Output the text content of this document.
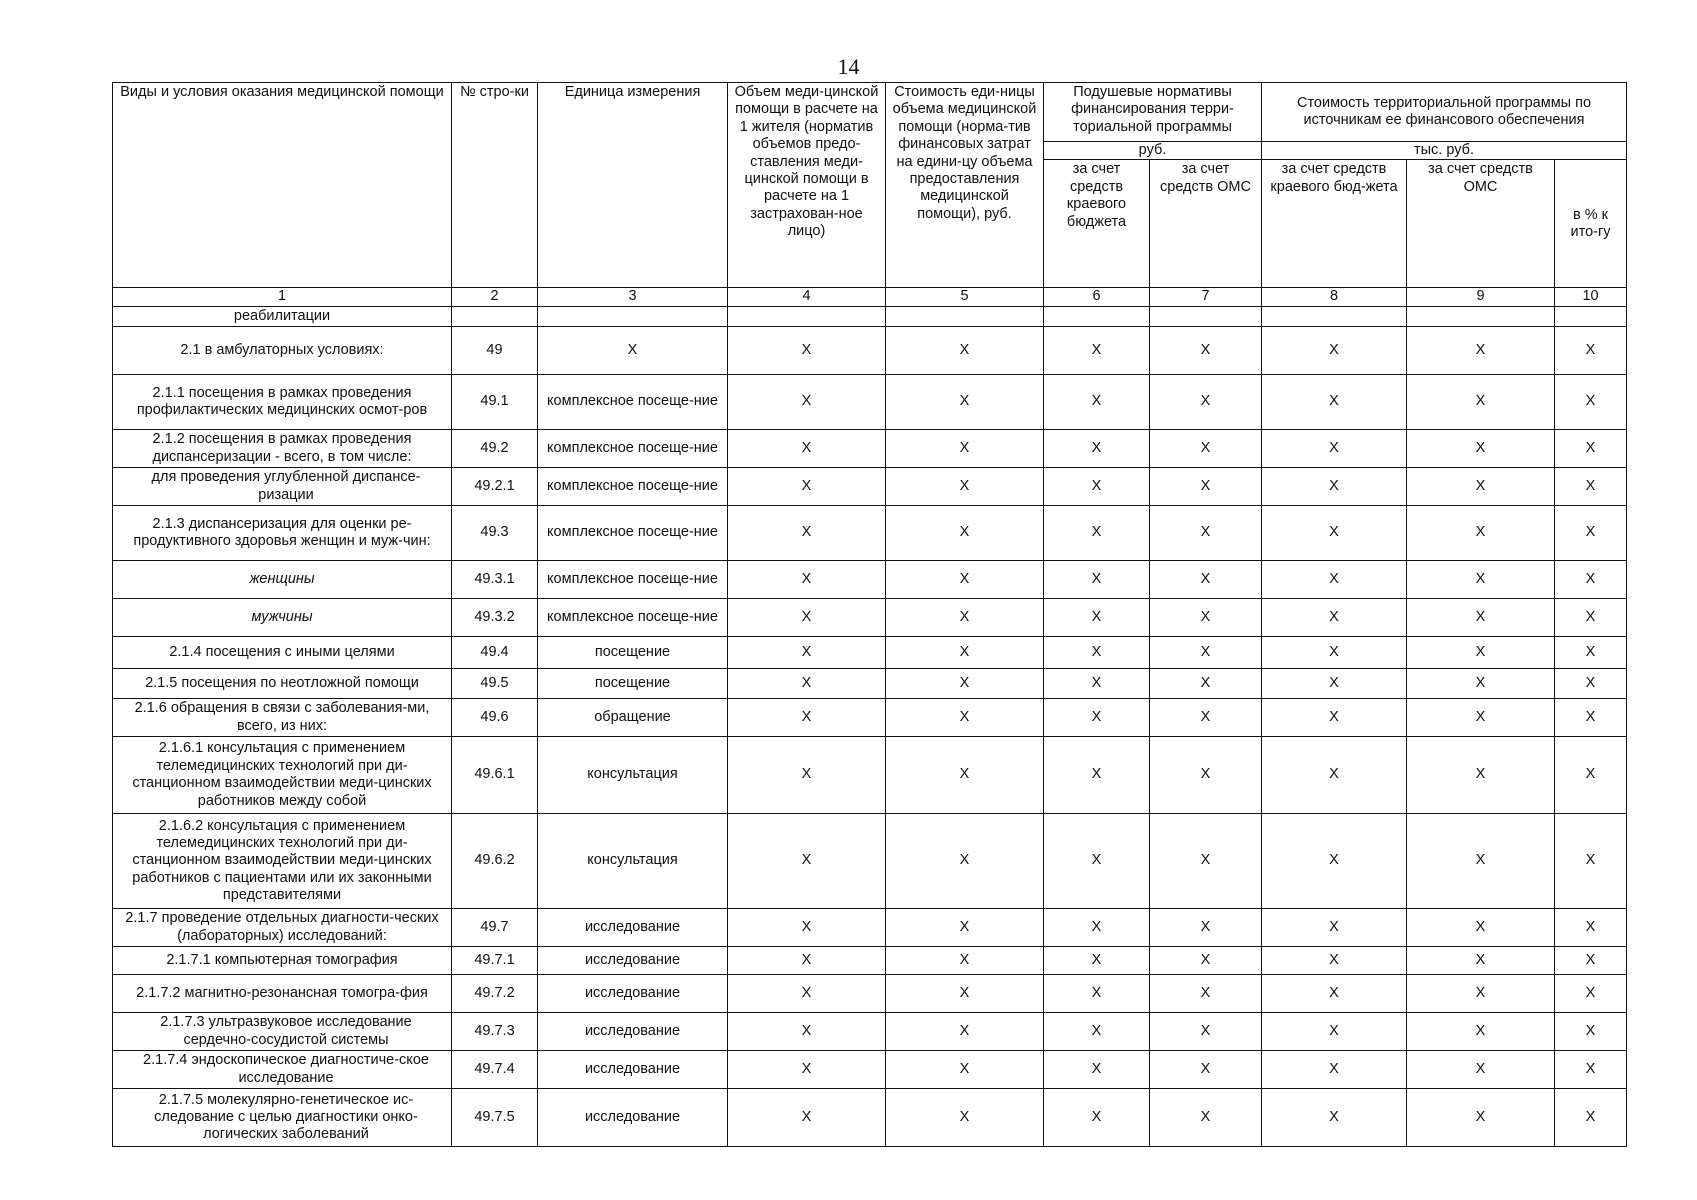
14
Виды и условия оказания медицинской помощи	№ стро-ки	Единица измерения	Объем меди-цинской помощи в расчете на 1 жителя (норматив объемов предо-ставления меди-цинской помощи в расчете на 1 застрахован-ное лицо)	Стоимость еди-ницы объема медицинской помощи (норма-тив финансовых затрат на едини-цу объема предоставления медицинской помощи), руб.	Подушевые нормативы финансирования терри-ториальной программы		Стоимость территориальной программы по источникам ее финансового обеспечения		
					руб.		тыс. руб.		
					за счет средств краевого бюджета	за счет средств ОМС	за счет средств краевого бюд-жета	за счет средств ОМС	в % к ито-гу
1	2	3	4	5	6	7	8	9	10
реабилитации									
2.1 в амбулаторных условиях:	49	Х	Х	Х	Х	Х	Х	Х	Х
2.1.1 посещения в рамках проведения профилактических медицинских осмот-ров	49.1	комплексное посеще-ние	Х	Х	Х	Х	Х	Х	Х
2.1.2 посещения в рамках проведения диспансеризации - всего, в том числе:	49.2	комплексное посеще-ние	Х	Х	Х	Х	Х	Х	Х
для проведения углубленной диспансе-ризации	49.2.1	комплексное посеще-ние	Х	Х	Х	Х	Х	Х	Х
2.1.3 диспансеризация для оценки ре-продуктивного здоровья женщин и муж-чин:	49.3	комплексное посеще-ние	Х	Х	Х	Х	Х	Х	Х
женщины	49.3.1	комплексное посеще-ние	Х	Х	Х	Х	Х	Х	Х
мужчины	49.3.2	комплексное посеще-ние	Х	Х	Х	Х	Х	Х	Х
2.1.4 посещения с иными целями	49.4	посещение	Х	Х	Х	Х	Х	Х	Х
2.1.5 посещения по неотложной помощи	49.5	посещение	Х	Х	Х	Х	Х	Х	Х
2.1.6 обращения в связи с заболевания-ми, всего, из них:	49.6	обращение	Х	Х	Х	Х	Х	Х	Х
2.1.6.1 консультация с применением телемедицинских технологий при ди-станционном взаимодействии меди-цинских работников между собой	49.6.1	консультация	Х	Х	Х	Х	Х	Х	Х
2.1.6.2 консультация с применением телемедицинских технологий при ди-станционном взаимодействии меди-цинских работников с пациентами или их законными представителями	49.6.2	консультация	Х	Х	Х	Х	Х	Х	Х
2.1.7 проведение отдельных диагности-ческих (лабораторных) исследований:	49.7	исследование	Х	Х	Х	Х	Х	Х	Х
2.1.7.1 компьютерная томография	49.7.1	исследование	Х	Х	Х	Х	Х	Х	Х
2.1.7.2 магнитно-резонансная томогра-фия	49.7.2	исследование	Х	Х	Х	Х	Х	Х	Х
2.1.7.3 ультразвуковое исследование сердечно-сосудистой системы	49.7.3	исследование	Х	Х	Х	Х	Х	Х	Х
2.1.7.4 эндоскопическое диагностиче-ское исследование	49.7.4	исследование	Х	Х	Х	Х	Х	Х	Х
2.1.7.5 молекулярно-генетическое ис-следование с целью диагностики онко-логических заболеваний	49.7.5	исследование	Х	Х	Х	Х	Х	Х	Х
